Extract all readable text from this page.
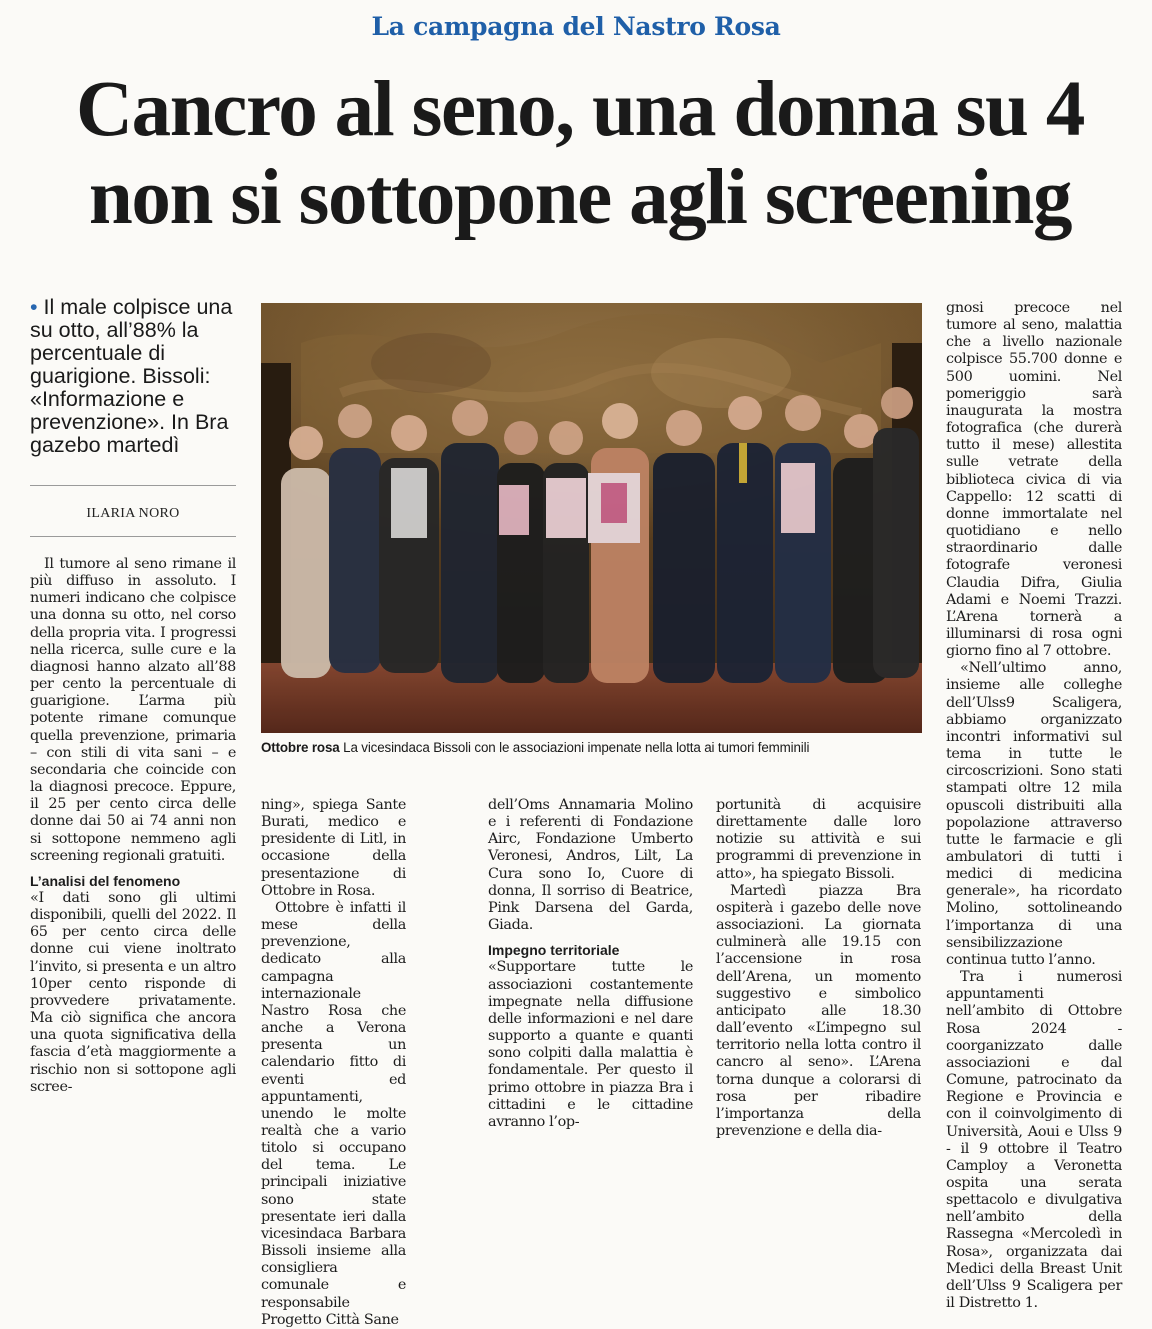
La campagna del Nastro Rosa
Cancro al seno, una donna su 4
non si sottopone agli screening
• Il male colpisce una su otto, all’88% la percentuale di guarigione. Bissoli: «Informazione e prevenzione». In Bra gazebo martedì
ILARIA NORO

Il tumore al seno rimane il più diffuso in assoluto. I numeri indicano che colpisce una donna su otto, nel corso della propria vita. I progressi nella ricerca, sulle cure e la diagnosi hanno alzato all’88 per cento la percentuale di guarigione. L’arma più potente rimane comunque quella prevenzione, primaria – con stili di vita sani – e secondaria che coincide con la diagnosi precoce. Eppure, il 25 per cento circa delle donne dai 50 ai 74 anni non si sottopone nemmeno agli screening regionali gratuiti.

L’analisi del fenomeno

«I dati sono gli ultimi disponibili, quelli del 2022. Il 65 per cento circa delle donne cui viene inoltrato l’invito, si presenta e un altro 10per cento risponde di provvedere privatamente. Ma ciò significa che ancora una quota significativa della fascia d’età maggiormente a rischio non si sottopone agli scree-

Ottobre rosa La vicesindaca Bissoli con le associazioni impenate nella lotta ai tumori femminili

ning», spiega Sante Burati, medico e presidente di Litl, in occasione della presentazione di Ottobre in Rosa.

Ottobre è infatti il mese della prevenzione, dedicato alla campagna internazionale Nastro Rosa che anche a Verona presenta un calendario fitto di eventi ed appuntamenti, unendo le molte realtà che a vario titolo si occupano del tema. Le principali iniziative sono state presentate ieri dalla vicesindaca Barbara Bissoli insieme alla consigliera comunale e responsabile Progetto Città Sane

dell’Oms Annamaria Molino e i referenti di Fondazione Airc, Fondazione Umberto Veronesi, Andros, Lilt, La Cura sono Io, Cuore di donna, Il sorriso di Beatrice, Pink Darsena del Garda, Giada.

Impegno territoriale

«Supportare tutte le associazioni costantemente impegnate nella diffusione delle informazioni e nel dare supporto a quante e quanti sono colpiti dalla malattia è fondamentale. Per questo il primo ottobre in piazza Bra i cittadini e le cittadine avranno l’op-

portunità di acquisire direttamente dalle loro notizie su attività e sui programmi di prevenzione in atto», ha spiegato Bissoli.

Martedì piazza Bra ospiterà i gazebo delle nove associazioni. La giornata culminerà alle 19.15 con l’accensione in rosa dell’Arena, un momento suggestivo e simbolico anticipato alle 18.30 dall’evento «L’impegno sul territorio nella lotta contro il cancro al seno». L’Arena torna dunque a colorarsi di rosa per ribadire l’importanza della prevenzione e della dia-

gnosi precoce nel tumore al seno, malattia che a livello nazionale colpisce 55.700 donne e 500 uomini. Nel pomeriggio sarà inaugurata la mostra fotografica (che durerà tutto il mese) allestita sulle vetrate della biblioteca civica di via Cappello: 12 scatti di donne immortalate nel quotidiano e nello straordinario dalle fotografe veronesi Claudia Difra, Giulia Adami e Noemi Trazzi. L’Arena tornerà a illuminarsi di rosa ogni giorno fino al 7 ottobre.

«Nell’ultimo anno, insieme alle colleghe dell’Ulss9 Scaligera, abbiamo organizzato incontri informativi sul tema in tutte le circoscrizioni. Sono stati stampati oltre 12 mila opuscoli distribuiti alla popolazione attraverso tutte le farmacie e gli ambulatori di tutti i medici di medicina generale», ha ricordato Molino, sottolineando l’importanza di una sensibilizzazione continua tutto l’anno.

Tra i numerosi appuntamenti nell’ambito di Ottobre Rosa 2024 - coorganizzato dalle associazioni e dal Comune, patrocinato da Regione e Provincia e con il coinvolgimento di Università, Aoui e Ulss 9 - il 9 ottobre il Teatro Camploy a Veronetta ospita una serata spettacolo e divulgativa nell’ambito della Rassegna «Mercoledì in Rosa», organizzata dai Medici della Breast Unit dell’Ulss 9 Scaligera per il Distretto 1.
